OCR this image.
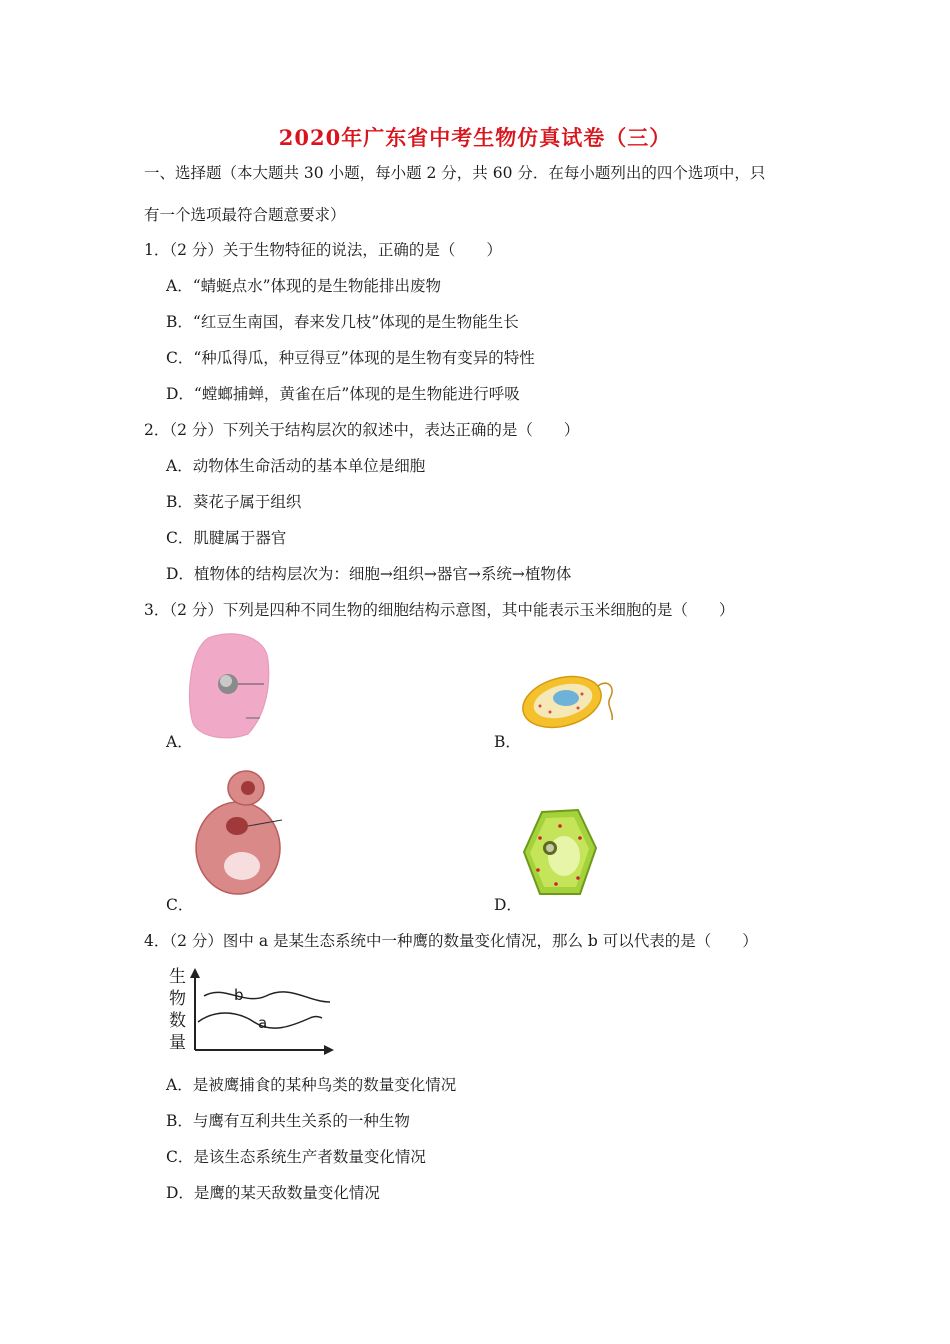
2020年广东省中考生物仿真试卷（三）
一、选择题（本大题共 30 小题，每小题 2 分，共 60 分．在每小题列出的四个选项中，只
有一个选项最符合题意要求）
1．（2 分）关于生物特征的说法，正确的是（　　）
A．“蜻蜓点水”体现的是生物能排出废物
B．“红豆生南国，春来发几枝”体现的是生物能生长
C．“种瓜得瓜，种豆得豆”体现的是生物有变异的特性
D．“螳螂捕蝉，黄雀在后”体现的是生物能进行呼吸
2．（2 分）下列关于结构层次的叙述中，表达正确的是（　　）
A．动物体生命活动的基本单位是细胞
B．葵花子属于组织
C．肌腱属于器官
D．植物体的结构层次为：细胞→组织→器官→系统→植物体
3．（2 分）下列是四种不同生物的细胞结构示意图，其中能表示玉米细胞的是（　　）
A．	B．
C．	D．
4．（2 分）图中 a 是某生态系统中一种鹰的数量变化情况，那么 b 可以代表的是（　　）
生
物
数
量
b
a
A．是被鹰捕食的某种鸟类的数量变化情况
B．与鹰有互利共生关系的一种生物
C．是该生态系统生产者数量变化情况
D．是鹰的某天敌数量变化情况
